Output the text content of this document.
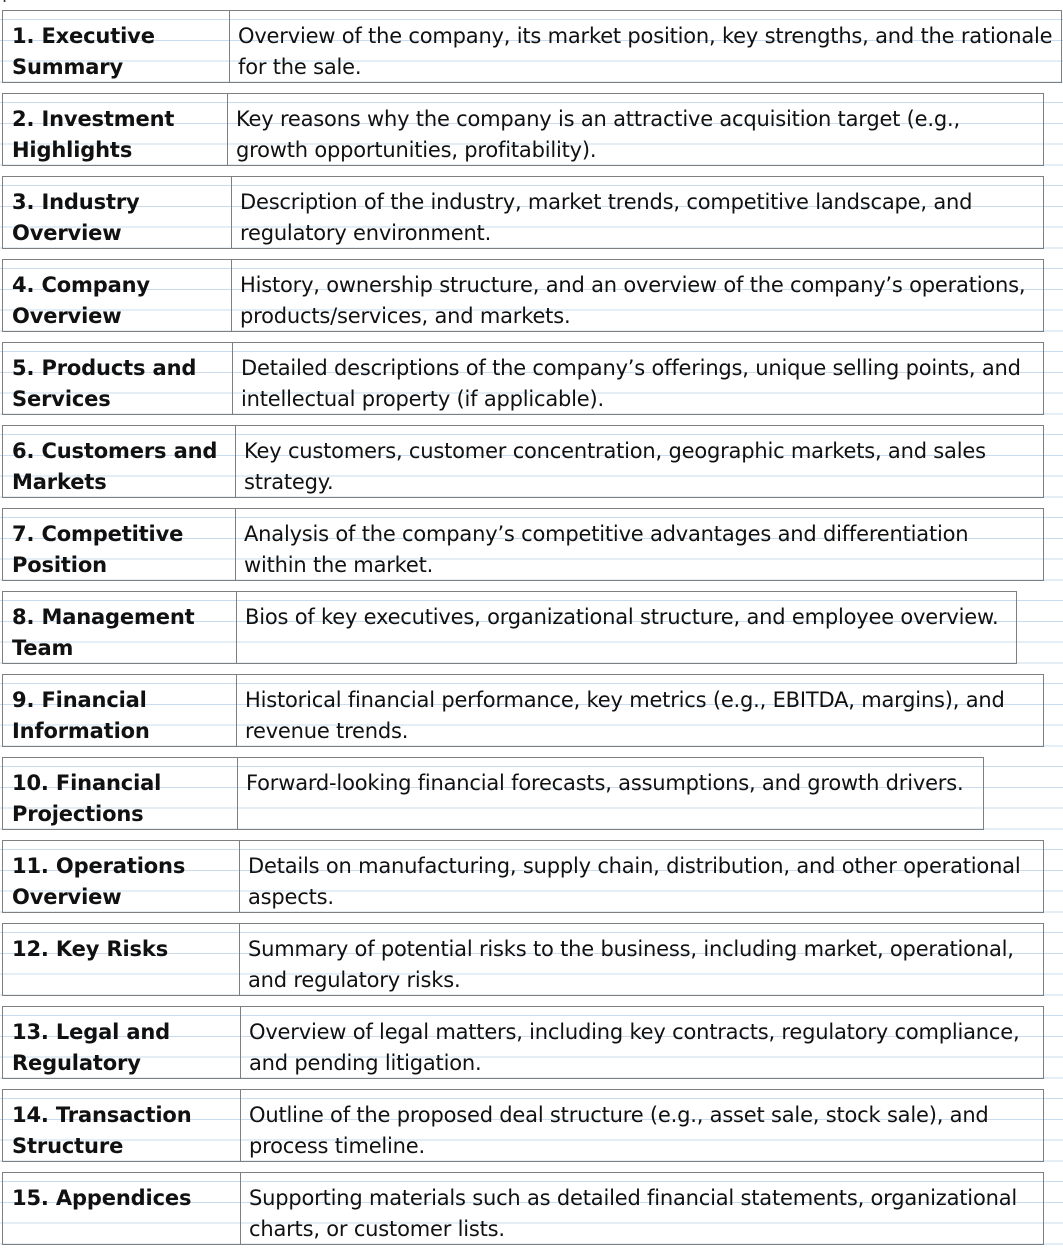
1. Executive Summary
Overview of the company, its market position, key strengths, and the rationale for the sale.
2. Investment Highlights
Key reasons why the company is an attractive acquisition target (e.g., growth opportunities, profitability).
3. Industry Overview
Description of the industry, market trends, competitive landscape, and regulatory environment.
4. Company Overview
History, ownership structure, and an overview of the company’s operations, products/services, and markets.
5. Products and Services
Detailed descriptions of the company’s offerings, unique selling points, and intellectual property (if applicable).
6. Customers and Markets
Key customers, customer concentration, geographic markets, and sales strategy.
7. Competitive Position
Analysis of the company’s competitive advantages and differentiation within the market.
8. Management Team
Bios of key executives, organizational structure, and employee overview.
9. Financial Information
Historical financial performance, key metrics (e.g., EBITDA, margins), and revenue trends.
10. Financial Projections
Forward-looking financial forecasts, assumptions, and growth drivers.
11. Operations Overview
Details on manufacturing, supply chain, distribution, and other operational aspects.
12. Key Risks	Summary of potential risks to the business, including market, operational, and regulatory risks.
13. Legal and Regulatory
Overview of legal matters, including key contracts, regulatory compliance, and pending litigation.
14. Transaction Structure
Outline of the proposed deal structure (e.g., asset sale, stock sale), and process timeline.
15. Appendices	Supporting materials such as detailed financial statements, organizational charts, or customer lists.
